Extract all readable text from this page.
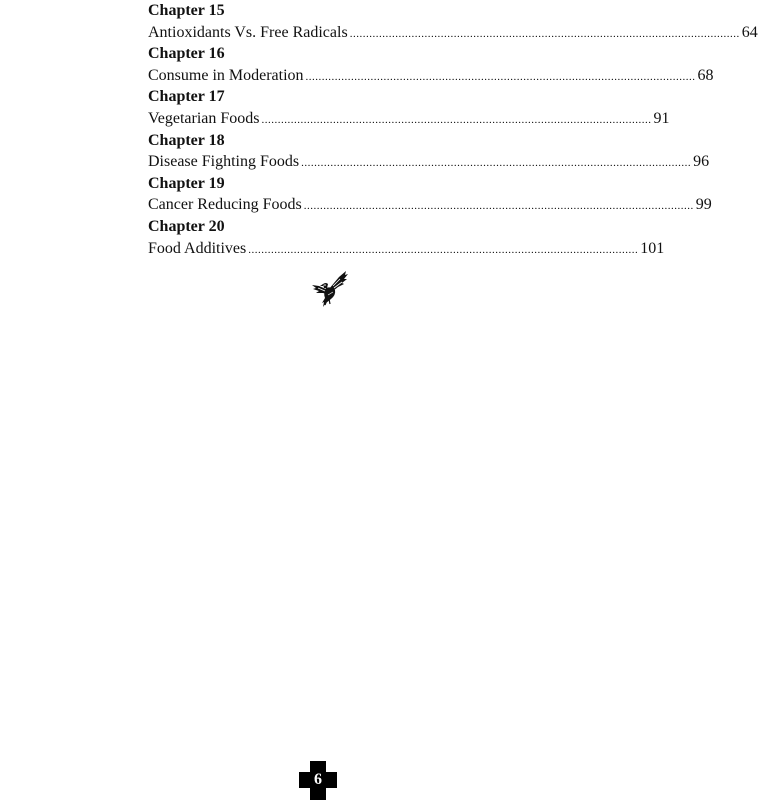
Chapter 15
Antioxidants Vs. Free Radicals ........................................................................................................................ 64
Chapter 16
Consume in Moderation ........................................................................................................................ 68
Chapter 17
Vegetarian Foods ........................................................................................................................ 91
Chapter 18
Disease Fighting Foods ........................................................................................................................ 96
Chapter 19
Cancer Reducing Foods ........................................................................................................................ 99
Chapter 20
Food Additives ........................................................................................................................ 101
6
